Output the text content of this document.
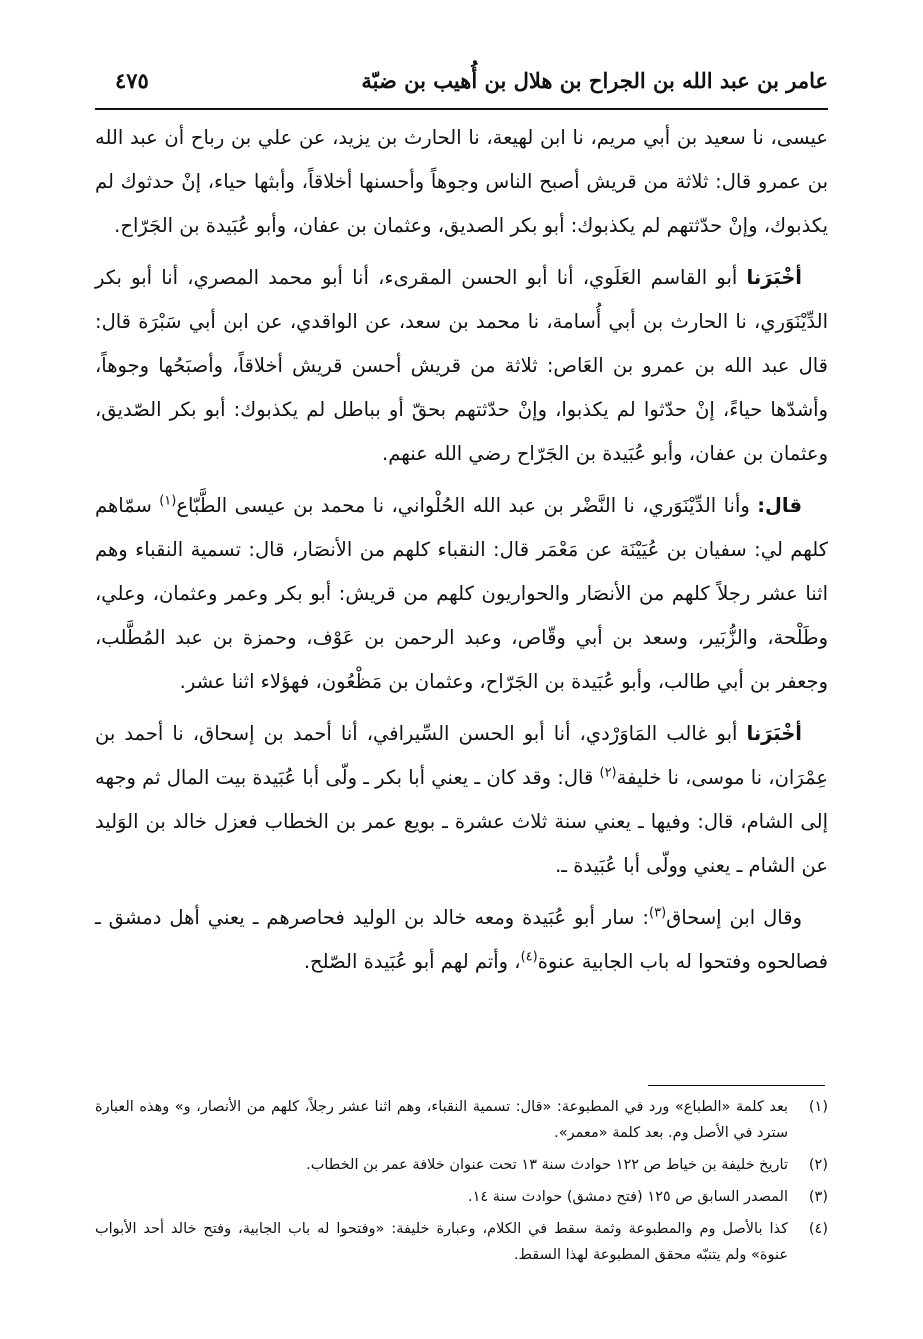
عامر بن عبد الله بن الجراح بن هلال بن أُهيب بن ضبّة
٤٧٥

عيسى، نا سعيد بن أبي مريم، نا ابن لهيعة، نا الحارث بن يزيد، عن علي بن رباح أن عبد الله بن عمرو قال: ثلاثة من قريش أصبح الناس وجوهاً وأحسنها أخلاقاً، وأبثها حياء، إنْ حدثوك لم يكذبوك، وإنْ حدّثتهم لم يكذبوك: أبو بكر الصديق، وعثمان بن عفان، وأبو عُبَيدة بن الجَرّاح.

أخْبَرَنا أبو القاسم العَلَوي، أنا أبو الحسن المقرىء، أنا أبو محمد المصري، أنا أبو بكر الدِّيْنَوَري، نا الحارث بن أبي أُسامة، نا محمد بن سعد، عن الواقدي، عن ابن أبي سَبْرَة قال: قال عبد الله بن عمرو بن العَاص: ثلاثة من قريش أحسن قريش أخلاقاً، وأصبَحُها وجوهاً، وأشدّها حياءً، إنْ حدّثوا لم يكذبوا، وإنْ حدّثتهم بحقّ أو بباطل لم يكذبوك: أبو بكر الصّديق، وعثمان بن عفان، وأبو عُبَيدة بن الجَرّاح رضي الله عنهم.

قال: وأنا الدِّيْنَوَري، نا النَّضْر بن عبد الله الحُلْواني، نا محمد بن عيسى الطَّبّاع$^{(١)}$ سمّاهم كلهم لي: سفيان بن عُيَيْنَة عن مَعْمَر قال: النقباء كلهم من الأنصَار، قال: تسمية النقباء وهم اثنا عشر رجلاً كلهم من الأنصَار والحواريون كلهم من قريش: أبو بكر وعمر وعثمان، وعلي، وطَلْحة، والزُّبَير، وسعد بن أبي وقّاص، وعبد الرحمن بن عَوْف، وحمزة بن عبد المُطَّلب، وجعفر بن أبي طالب، وأبو عُبَيدة بن الجَرّاح، وعثمان بن مَظْعُون، فهؤلاء اثنا عشر.

أخْبَرَنا أبو غالب المَاوَرْدي، أنا أبو الحسن السِّيرافي، أنا أحمد بن إسحاق، نا أحمد بن عِمْرَان، نا موسى، نا خليفة$^{(٢)}$ قال: وقد كان ـ يعني أبا بكر ـ ولّى أبا عُبَيدة بيت المال ثم وجهه إلى الشام، قال: وفيها ـ يعني سنة ثلاث عشرة ـ بويع عمر بن الخطاب فعزل خالد بن الوَليد عن الشام ـ يعني وولّى أبا عُبَيدة ـ.

وقال ابن إسحاق$^{(٣)}$: سار أبو عُبَيدة ومعه خالد بن الوليد فحاصرهم ـ يعني أهل دمشق ـ فصالحوه وفتحوا له باب الجابية عنوة$^{(٤)}$، وأتم لهم أبو عُبَيدة الصّلح.

(١)
بعد كلمة «الطباع» ورد في المطبوعة: «قال: تسمية النقباء، وهم اثنا عشر رجلاً، كلهم من الأنصار، و» وهذه العبارة سترد في الأصل وم. بعد كلمة «معمر».
(٢)
تاريخ خليفة بن خياط ص ١٢٢ حوادث سنة ١٣ تحت عنوان خلافة عمر بن الخطاب.
(٣)
المصدر السابق ص ١٢٥ (فتح دمشق) حوادث سنة ١٤.
(٤)
كذا بالأصل وم والمطبوعة وثمة سقط في الكلام، وعبارة خليفة: «وفتحوا له باب الجابية، وفتح خالد أحد الأبواب عنوة» ولم يتنبّه محقق المطبوعة لهذا السقط.
